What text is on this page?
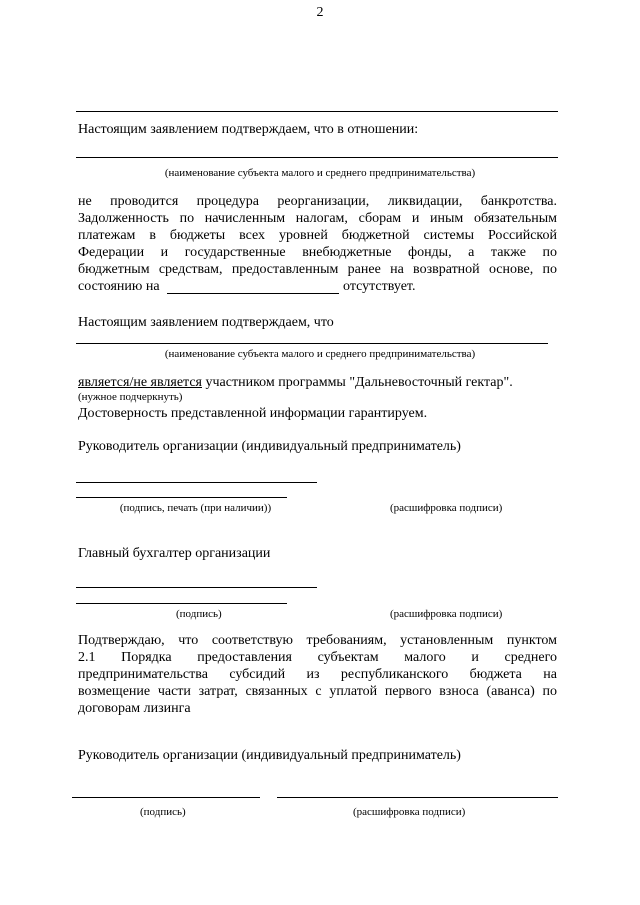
2
Настоящим заявлением подтверждаем, что в отношении:
(наименование субъекта малого и среднего предпринимательства)
не проводится процедура реорганизации, ликвидации, банкротства.
Задолженность по начисленным налогам, сборам и иным обязательным
платежам в бюджеты всех уровней бюджетной системы Российской
Федерации и государственные внебюджетные фонды, а также по
бюджетным средствам, предоставленным ранее на возвратной основе, по
состоянию на	отсутствует.
Настоящим заявлением подтверждаем, что
(наименование субъекта малого и среднего предпринимательства)
является/не является участником программы "Дальневосточный гектар".
(нужное подчеркнуть)
Достоверность представленной информации гарантируем.
Руководитель организации (индивидуальный предприниматель)
(подпись, печать (при наличии))	(расшифровка подписи)
Главный бухгалтер организации
(подпись)	(расшифровка подписи)
Подтверждаю, что соответствую требованиям, установленным пунктом
2.1 Порядка предоставления субъектам малого и среднего
предпринимательства субсидий из республиканского бюджета на
возмещение части затрат, связанных с уплатой первого взноса (аванса) по
договорам лизинга
Руководитель организации (индивидуальный предприниматель)
(подпись)	(расшифровка подписи)
